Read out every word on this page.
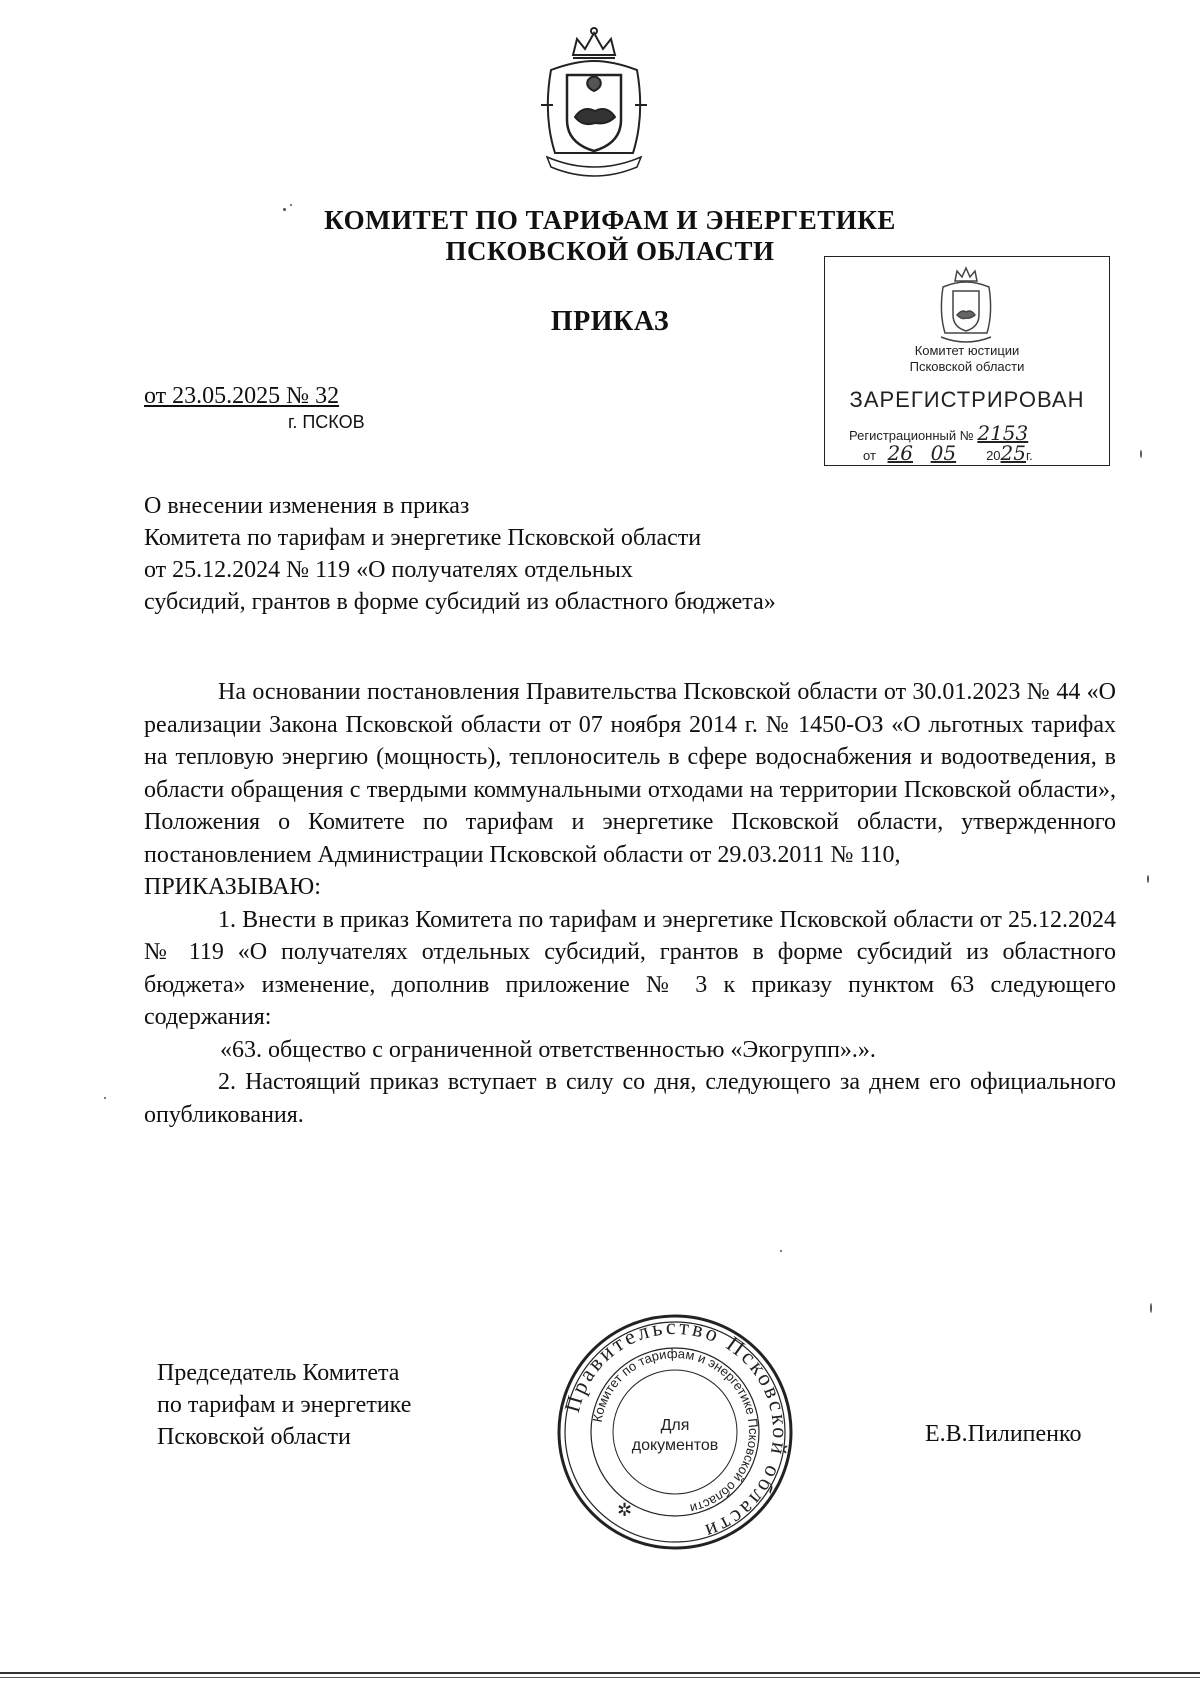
КОМИТЕТ ПО ТАРИФАМ И ЭНЕРГЕТИКЕ
ПСКОВСКОЙ ОБЛАСТИ
ПРИКАЗ
от 23.05.2025 № 32
г. ПСКОВ
Комитет юстиции
Псковской области
ЗАРЕГИСТРИРОВАН
Регистрационный № 2153
от 26 05 2025г.
О внесении изменения в приказ
Комитета по тарифам и энергетике Псковской области
от 25.12.2024 № 119 «О получателях отдельных
субсидий, грантов в форме субсидий из областного бюджета»

На основании постановления Правительства Псковской области от 30.01.2023 № 44 «О реализации Закона Псковской области от 07 ноября 2014 г. № 1450-ОЗ «О льготных тарифах на тепловую энергию (мощность), теплоноситель в сфере водоснабжения и водоотведения, в области обращения с твердыми коммунальными отходами на территории Псковской области», Положения о Комитете по тарифам и энергетике Псковской области, утвержденного постановлением Администрации Псковской области от 29.03.2011 № 110,

ПРИКАЗЫВАЮ:

1. Внести в приказ Комитета по тарифам и энергетике Псковской области от 25.12.2024 № 119 «О получателях отдельных субсидий, грантов в форме субсидий из областного бюджета» изменение, дополнив приложение № 3 к приказу пунктом 63 следующего содержания:

«63. общество с ограниченной ответственностью «Экогрупп».».

2. Настоящий приказ вступает в силу со дня, следующего за днем его официального опубликования.

Председатель Комитета
по тарифам и энергетике
Псковской области	Е.В.Пилипенко
Правительство Псковской области
Комитет по тарифам и энергетике Псковской области
Для
документов
✲
